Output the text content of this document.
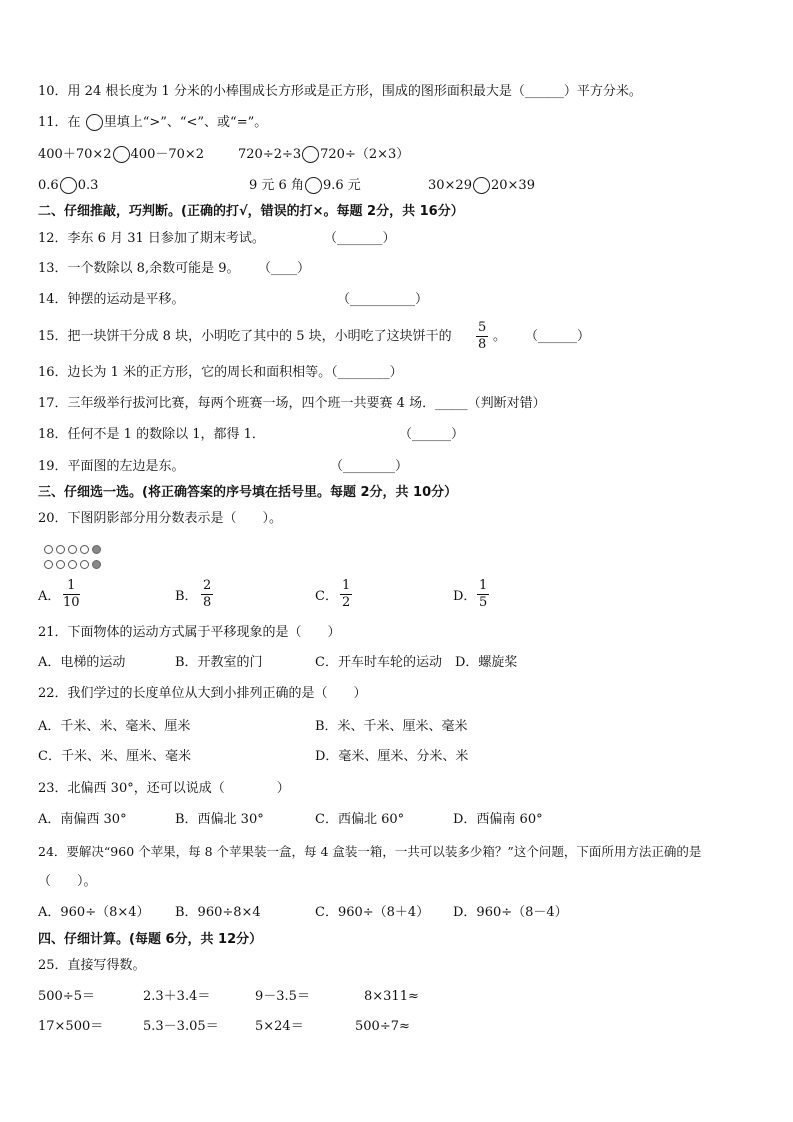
10．用 24 根长度为 1 分米的小棒围成长方形或是正方形，围成的图形面积最大是（______）平方分米。
11．在 里填上“>”、“<”、或“=”。
400＋70×2 400－70×2	720÷2÷3 720÷（2×3）
0.6 0.3	9 元 6 角 9.6 元	30×29 20×39
二、仔细推敲，巧判断。(正确的打√，错误的打×。每题 2分，共 16分）
12．李东 6 月 31 日参加了期末考试。	（_______）
13．一个数除以 8,余数可能是 9。 （____）
14．钟摆的运动是平移。	（__________）
15．把一块饼干分成 8 块，小明吃了其中的 5 块，小明吃了这块饼干的 $\frac{5}{8}$ 。 （______）
16．边长为 1 米的正方形，它的周长和面积相等。（________）
17．三年级举行拔河比赛，每两个班赛一场，四个班一共要赛 4 场．_____（判断对错）
18．任何不是 1 的数除以 1，都得 1．	（______）
19．平面图的左边是东。	（________）
三、仔细选一选。(将正确答案的序号填在括号里。每题 2分，共 10分）
20．下图阴影部分用分数表示是（　　）。
A． $\frac{1}{10}$	B． $\frac{2}{8}$	C． $\frac{1}{2}$	D． $\frac{1}{5}$
21．下面物体的运动方式属于平移现象的是（　　）
A．电梯的运动	B．开教室的门	C．开车时车轮的运动 D．螺旋桨
22．我们学过的长度单位从大到小排列正确的是（　　）
A．千米、米、毫米、厘米	B．米、千米、厘米、毫米
C．千米、米、厘米、毫米	D．毫米、厘米、分米、米
23．北偏西 30°，还可以说成（　　　　）
A．南偏西 30°	B．西偏北 30°	C．西偏北 60°	D．西偏南 60°
24．要解决“960 个苹果，每 8 个苹果装一盒，每 4 盒装一箱，一共可以装多少箱？”这个问题，下面所用方法正确的是
（　　）。
A．960÷（8×4） B．960÷8×4	C．960÷（8＋4） D．960÷（8－4）
四、仔细计算。(每题 6分，共 12分）
25．直接写得数。
500÷5＝	2.3＋3.4＝	9－3.5＝	8×311≈
17×500＝	5.3－3.05＝	5×24＝	500÷7≈
